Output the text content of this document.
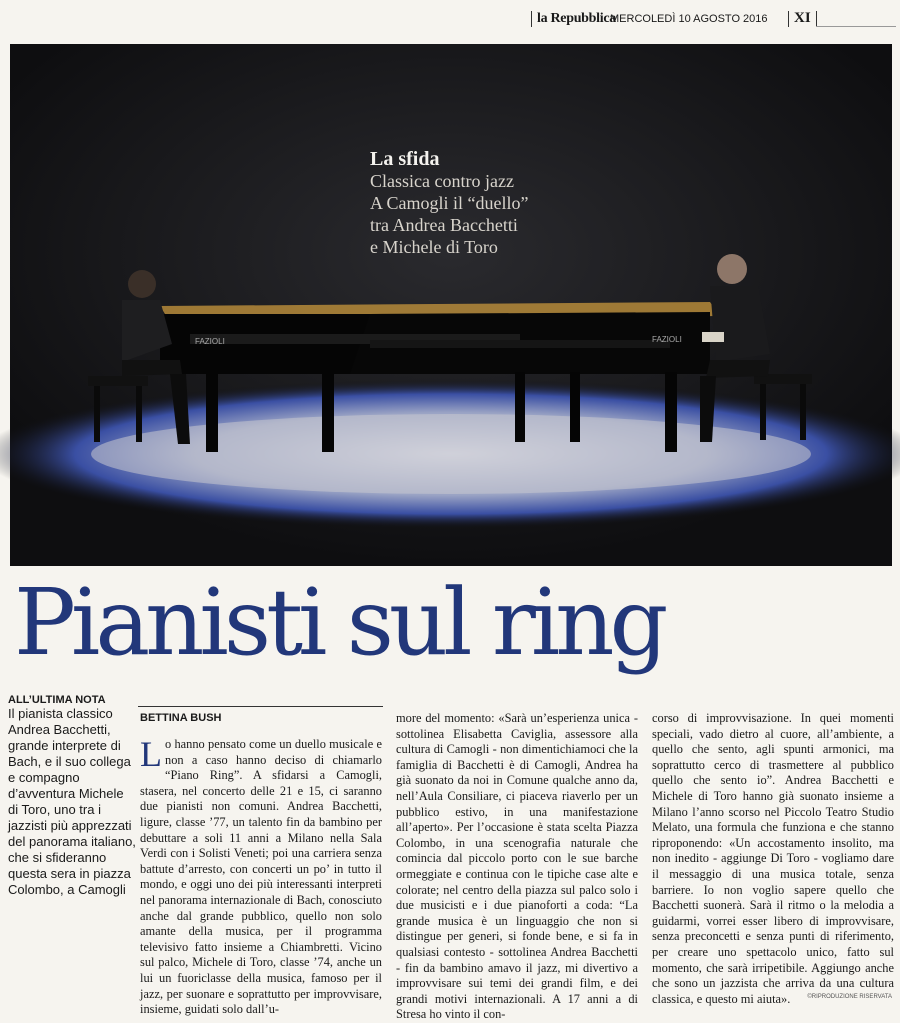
la Repubblica
MERCOLEDÌ 10 AGOSTO 2016 XI
FAZIOLI	FAZIOLI
La sfida
Classica contro jazz
A Camogli il “duello”
tra Andrea Bacchetti
e Michele di Toro
Pianisti sul ring
ALL’ULTIMA NOTA
Il pianista classico Andrea Bacchetti, grande interprete di Bach, e il suo collega e compagno d’avventura Michele di Toro, uno tra i jazzisti più apprezzati del panorama italiano, che si sfideranno questa sera in piazza Colombo, a Camogli
BETTINA BUSH
Lo hanno pensato come un duello musicale e non a caso hanno deciso di chiamarlo “Piano Ring”. A sfidarsi a Camogli, stasera, nel concerto delle 21 e 15, ci saranno due pianisti non comuni. Andrea Bacchetti, ligure, classe ’77, un talento fin da bambino per debuttare a soli 11 anni a Milano nella Sala Verdi con i Solisti Veneti; poi una carriera senza battute d’arresto, con concerti un po’ in tutto il mondo, e oggi uno dei più interessanti interpreti nel panorama internazionale di Bach, conosciuto anche dal grande pubblico, quello non solo amante della musica, per il programma televisivo fatto insieme a Chiambretti. Vicino sul palco, Michele di Toro, classe ’74, anche un lui un fuoriclasse della musica, famoso per il jazz, per suonare e soprattutto per improvvisare, insieme, guidati solo dall’u-
more del momento: «Sarà un’esperienza unica - sottolinea Elisabetta Caviglia, assessore alla cultura di Camogli - non dimentichiamoci che la famiglia di Bacchetti è di Camogli, Andrea ha già suonato da noi in Comune qualche anno da, nell’Aula Consiliare, ci piaceva riaverlo per un pubblico estivo, in una manifestazione all’aperto». Per l’occasione è stata scelta Piazza Colombo, in una scenografia naturale che comincia dal piccolo porto con le sue barche ormeggiate e continua con le tipiche case alte e colorate; nel centro della piazza sul palco solo i due musicisti e i due pianoforti a coda: “La grande musica è un linguaggio che non si distingue per generi, si fonde bene, e si fa in qualsiasi contesto - sottolinea Andrea Bacchetti - fin da bambino amavo il jazz, mi divertivo a improvvisare sui temi dei grandi film, e dei grandi motivi internazionali. A 17 anni a di Stresa ho vinto il con-
corso di improvvisazione. In quei momenti speciali, vado dietro al cuore, all’ambiente, a quello che sento, agli spunti armonici, ma soprattutto cerco di trasmettere al pubblico quello che sento io”. Andrea Bacchetti e Michele di Toro hanno già suonato insieme a Milano l’anno scorso nel Piccolo Teatro Studio Melato, una formula che funziona e che stanno riproponendo: «Un accostamento insolito, ma non inedito - aggiunge Di Toro - vogliamo dare il messaggio di una musica totale, senza barriere. Io non voglio sapere quello che Bacchetti suonerà. Sarà il ritmo o la melodia a guidarmi, vorrei esser libero di improvvisare, senza preconcetti e senza punti di riferimento, per creare uno spettacolo unico, fatto sul momento, che sarà irripetibile. Aggiungo anche che sono un jazzista che arriva da una cultura classica, e questo mi aiuta».	©RIPRODUZIONE RISERVATA
